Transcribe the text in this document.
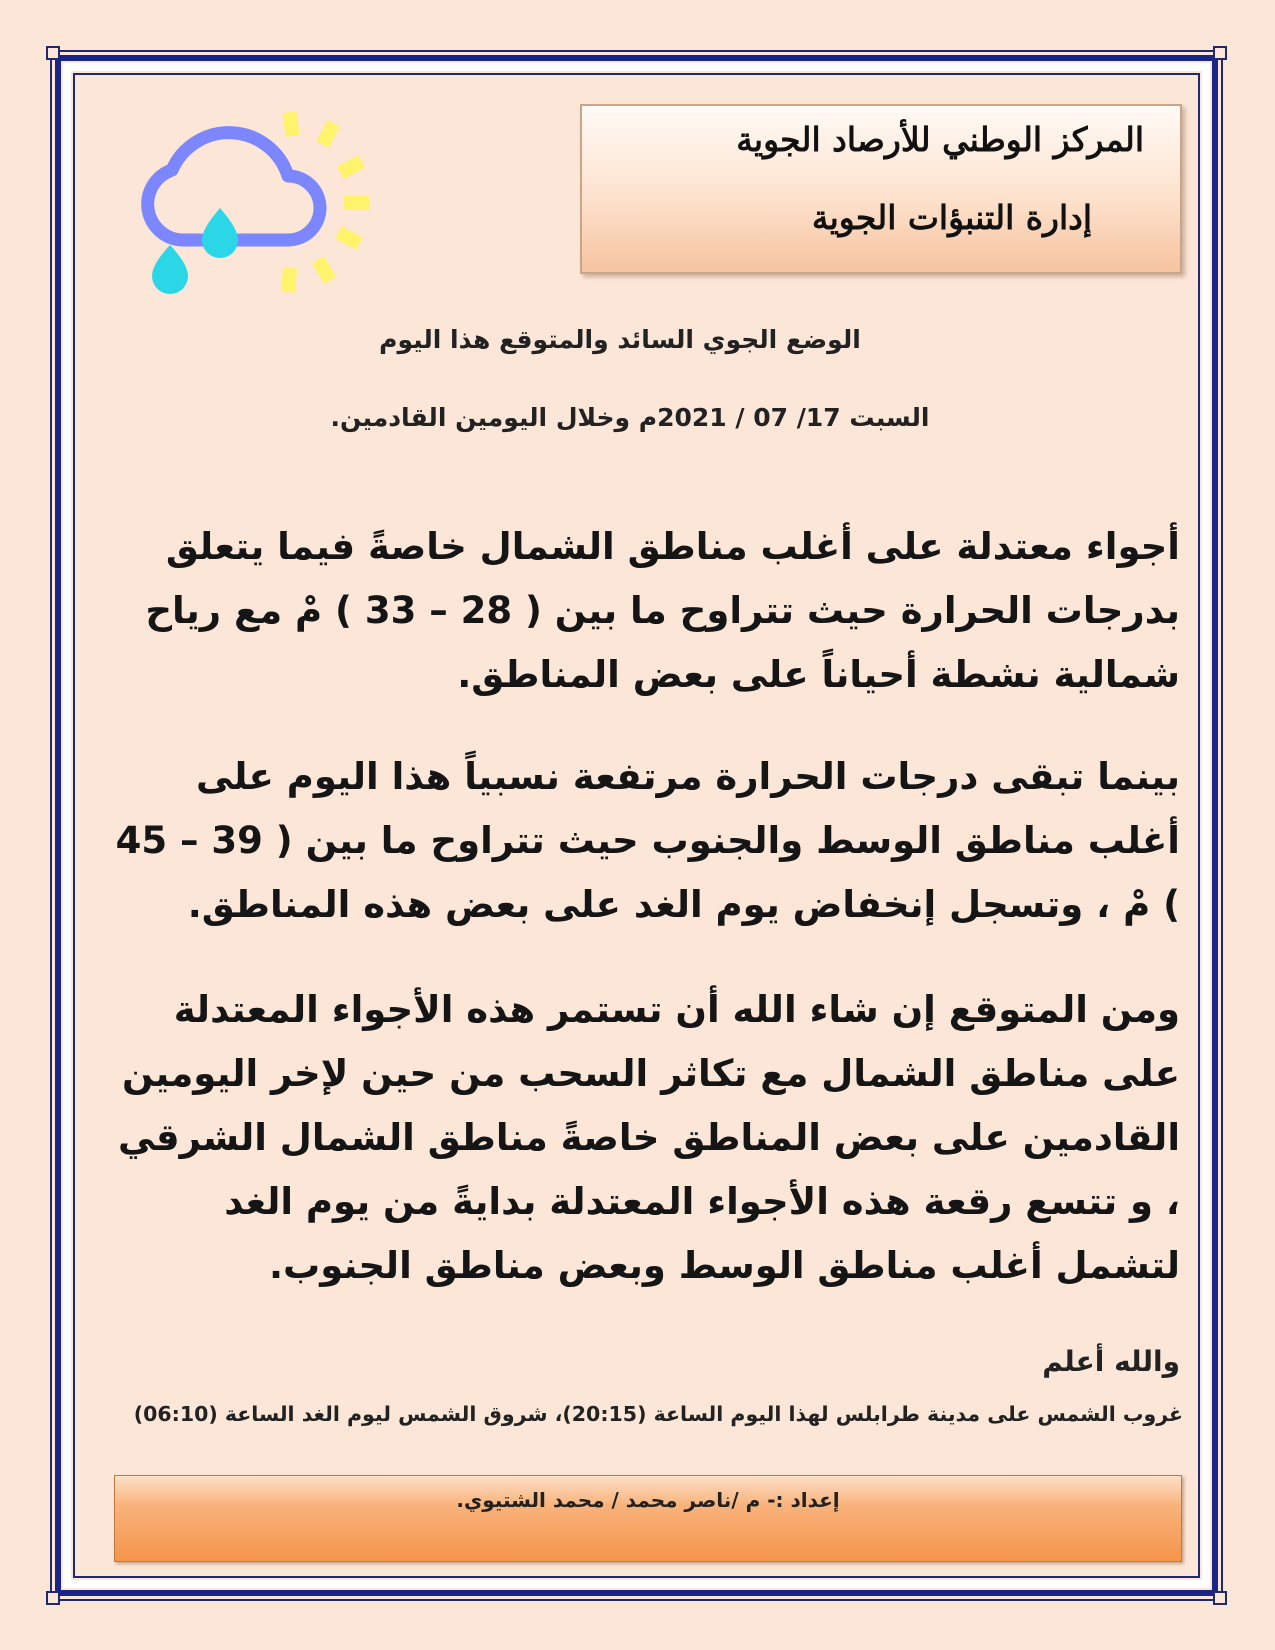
المركز الوطني للأرصاد الجوية
إدارة التنبؤات الجوية
الوضع الجوي السائد والمتوقع هذا اليوم
السبت 17/ 07 / 2021م وخلال اليومين القادمين.
أجواء معتدلة على أغلب مناطق الشمال خاصةً فيما يتعلق بدرجات الحرارة حيث تتراوح ما بين ( 28 – 33 ) مْ مع رياح شمالية نشطة أحياناً على بعض المناطق.
بينما تبقى درجات الحرارة مرتفعة نسبياً هذا اليوم على أغلب مناطق الوسط والجنوب حيث تتراوح ما بين ( 39 – 45 ) مْ ، وتسجل إنخفاض يوم الغد على بعض هذه المناطق.
ومن المتوقع إن شاء الله أن تستمر هذه الأجواء المعتدلة على مناطق الشمال مع تكاثر السحب من حين لإخر اليومين القادمين على بعض المناطق خاصةً مناطق الشمال الشرقي ، و تتسع رقعة هذه الأجواء المعتدلة بدايةً من يوم الغد لتشمل أغلب مناطق الوسط وبعض مناطق الجنوب.
والله أعلم
غروب الشمس على مدينة طرابلس لهذا اليوم الساعة (20:15)، شروق الشمس ليوم الغد الساعة (06:10)
إعداد :- م /ناصر محمد / محمد الشتيوي.
